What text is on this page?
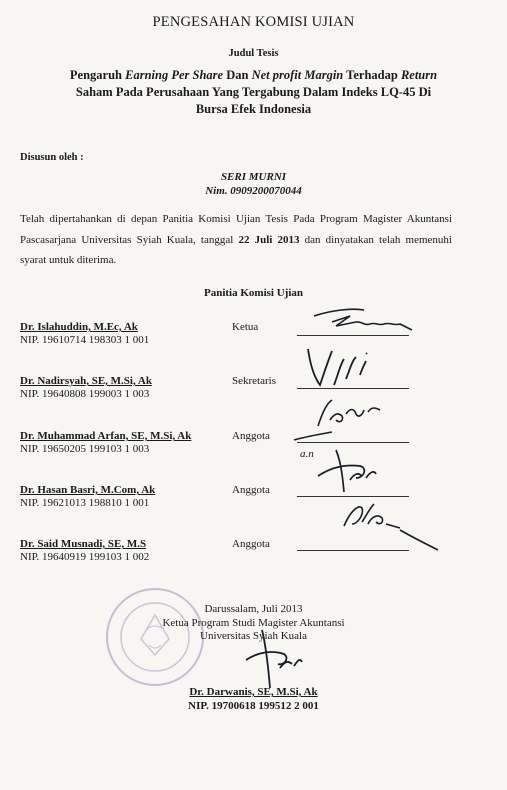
PENGESAHAN KOMISI UJIAN
Judul Tesis
Pengaruh Earning Per Share Dan Net profit Margin Terhadap Return
Saham Pada Perusahaan Yang Tergabung Dalam Indeks LQ-45 Di
Bursa Efek Indonesia
Disusun oleh :
SERI MURNI
Nim. 0909200070044
Telah dipertahankan di depan Panitia Komisi Ujian Tesis Pada Program Magister Akuntansi Pascasarjana Universitas Syiah Kuala, tanggal 22 Juli 2013 dan dinyatakan telah memenuhi syarat untuk diterima.
Panitia Komisi Ujian
Dr. Islahuddin, M.Ec, Ak
NIP. 19610714 198303 1 001
Ketua
Dr. Nadirsyah, SE, M.Si, Ak
NIP. 19640808 199003 1 003
Sekretaris
Dr. Muhammad Arfan, SE, M.Si, Ak
NIP. 19650205 199103 1 003
Anggota
Dr. Hasan Basri, M.Com, Ak
NIP. 19621013 198810 1 001
Anggota
Dr. Said Musnadi, SE, M.S
NIP. 19640919 199103 1 002
Anggota
a.n
Darussalam, Juli 2013
Ketua Program Studi Magister Akuntansi
Universitas Syiah Kuala
Dr. Darwanis, SE, M.Si, Ak
NIP. 19700618 199512 2 001
